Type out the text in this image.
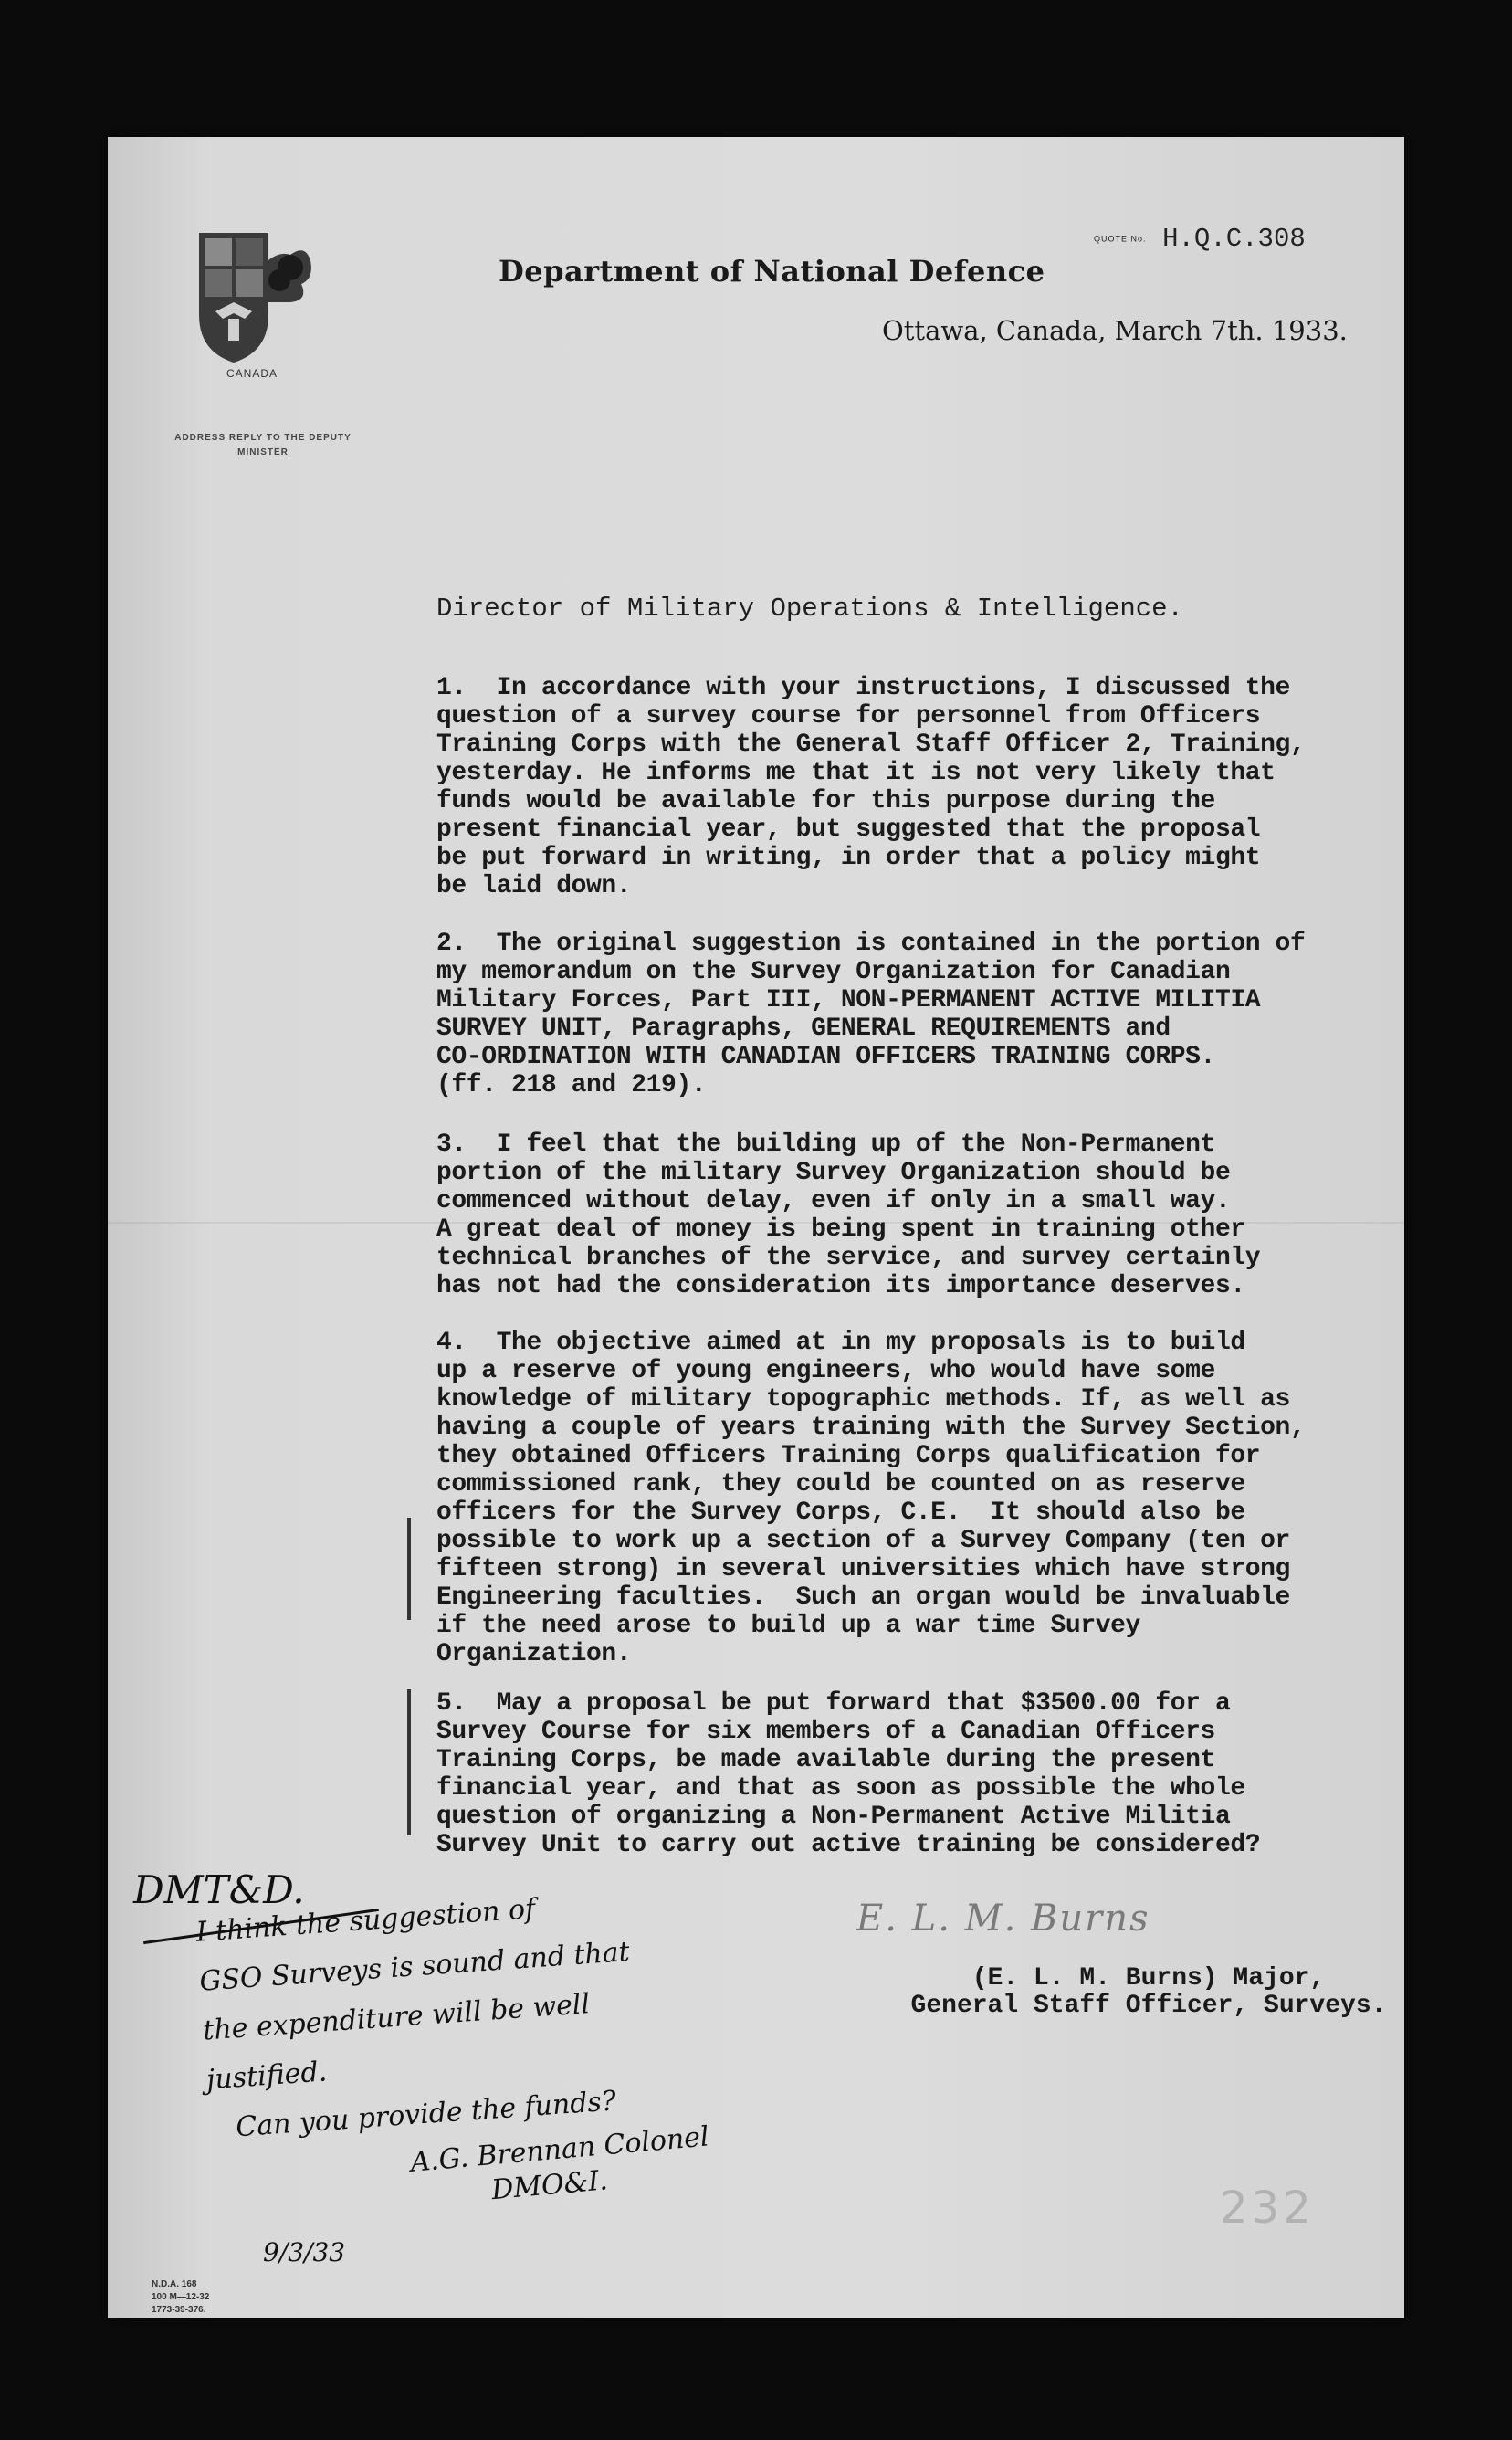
CANADA
ADDRESS REPLY TO THE DEPUTY MINISTER
Department of National Defence
QUOTE No. H.Q.C.308
Ottawa, Canada, March 7th. 1933.
Director of Military Operations & Intelligence.
1.  In accordance with your instructions, I discussed the
question of a survey course for personnel from Officers
Training Corps with the General Staff Officer 2, Training,
yesterday. He informs me that it is not very likely that
funds would be available for this purpose during the
present financial year, but suggested that the proposal
be put forward in writing, in order that a policy might
be laid down.
2.  The original suggestion is contained in the portion of
my memorandum on the Survey Organization for Canadian
Military Forces, Part III, NON-PERMANENT ACTIVE MILITIA
SURVEY UNIT, Paragraphs, GENERAL REQUIREMENTS and
CO-ORDINATION WITH CANADIAN OFFICERS TRAINING CORPS.
(ff. 218 and 219).
3.  I feel that the building up of the Non-Permanent
portion of the military Survey Organization should be
commenced without delay, even if only in a small way.
A great deal of money is being spent in training other
technical branches of the service, and survey certainly
has not had the consideration its importance deserves.
4.  The objective aimed at in my proposals is to build
up a reserve of young engineers, who would have some
knowledge of military topographic methods. If, as well as
having a couple of years training with the Survey Section,
they obtained Officers Training Corps qualification for
commissioned rank, they could be counted on as reserve
officers for the Survey Corps, C.E.  It should also be
possible to work up a section of a Survey Company (ten or
fifteen strong) in several universities which have strong
Engineering faculties.  Such an organ would be invaluable
if the need arose to build up a war time Survey
Organization.
5.  May a proposal be put forward that $3500.00 for a
Survey Course for six members of a Canadian Officers
Training Corps, be made available during the present
financial year, and that as soon as possible the whole
question of organizing a Non-Permanent Active Militia
Survey Unit to carry out active training be considered?
E. L. M. Burns
(E. L. M. Burns) Major,
General Staff Officer, Surveys.
DMT&D.
I think the suggestion of
GSO Surveys is sound and that
the expenditure will be well
justified.
Can you provide the funds?
A.G. Brennan Colonel
DMO&I.
9/3/33
N.D.A. 168
100 M—12-32
1773-39-376.
232
